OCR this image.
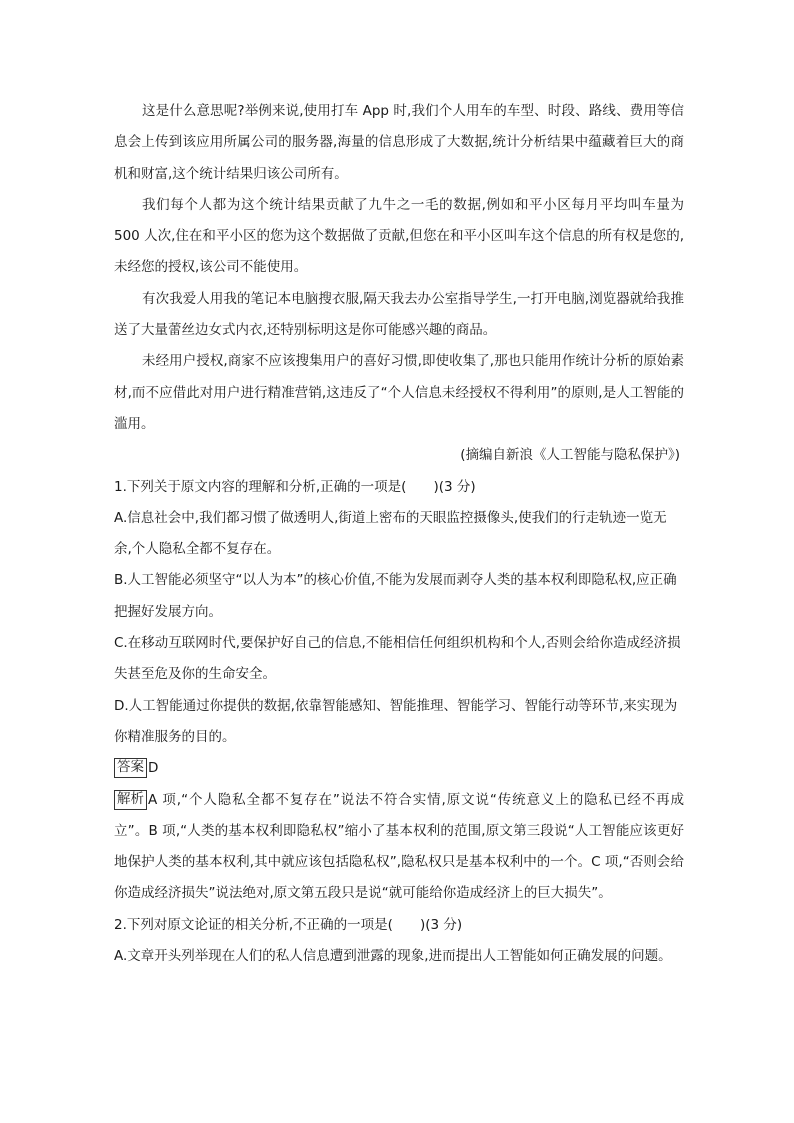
这是什么意思呢?举例来说,使用打车 App 时,我们个人用车的车型、时段、路线、费用等信息会上传到该应用所属公司的服务器,海量的信息形成了大数据,统计分析结果中蕴藏着巨大的商机和财富,这个统计结果归该公司所有。

我们每个人都为这个统计结果贡献了九牛之一毛的数据,例如和平小区每月平均叫车量为 500 人次,住在和平小区的您为这个数据做了贡献,但您在和平小区叫车这个信息的所有权是您的,未经您的授权,该公司不能使用。

有次我爱人用我的笔记本电脑搜衣服,隔天我去办公室指导学生,一打开电脑,浏览器就给我推送了大量蕾丝边女式内衣,还特别标明这是你可能感兴趣的商品。

未经用户授权,商家不应该搜集用户的喜好习惯,即使收集了,那也只能用作统计分析的原始素材,而不应借此对用户进行精准营销,这违反了“个人信息未经授权不得利用”的原则,是人工智能的滥用。

(摘编自新浪《人工智能与隐私保护》)

1.下列关于原文内容的理解和分析,正确的一项是(　　)(3 分)

A.信息社会中,我们都习惯了做透明人,街道上密布的天眼监控摄像头,使我们的行走轨迹一览无余,个人隐私全都不复存在。

B.人工智能必须坚守“以人为本”的核心价值,不能为发展而剥夺人类的基本权利即隐私权,应正确把握好发展方向。

C.在移动互联网时代,要保护好自己的信息,不能相信任何组织机构和个人,否则会给你造成经济损失甚至危及你的生命安全。

D.人工智能通过你提供的数据,依靠智能感知、智能推理、智能学习、智能行动等环节,来实现为你精准服务的目的。

答案 D

解析 A 项,“个人隐私全都不复存在”说法不符合实情,原文说“传统意义上的隐私已经不再成立”。B 项,“人类的基本权利即隐私权”缩小了基本权利的范围,原文第三段说“人工智能应该更好地保护人类的基本权利,其中就应该包括隐私权”,隐私权只是基本权利中的一个。C 项,“否则会给你造成经济损失”说法绝对,原文第五段只是说“就可能给你造成经济上的巨大损失”。

2.下列对原文论证的相关分析,不正确的一项是(　　)(3 分)

A.文章开头列举现在人们的私人信息遭到泄露的现象,进而提出人工智能如何正确发展的问题。
